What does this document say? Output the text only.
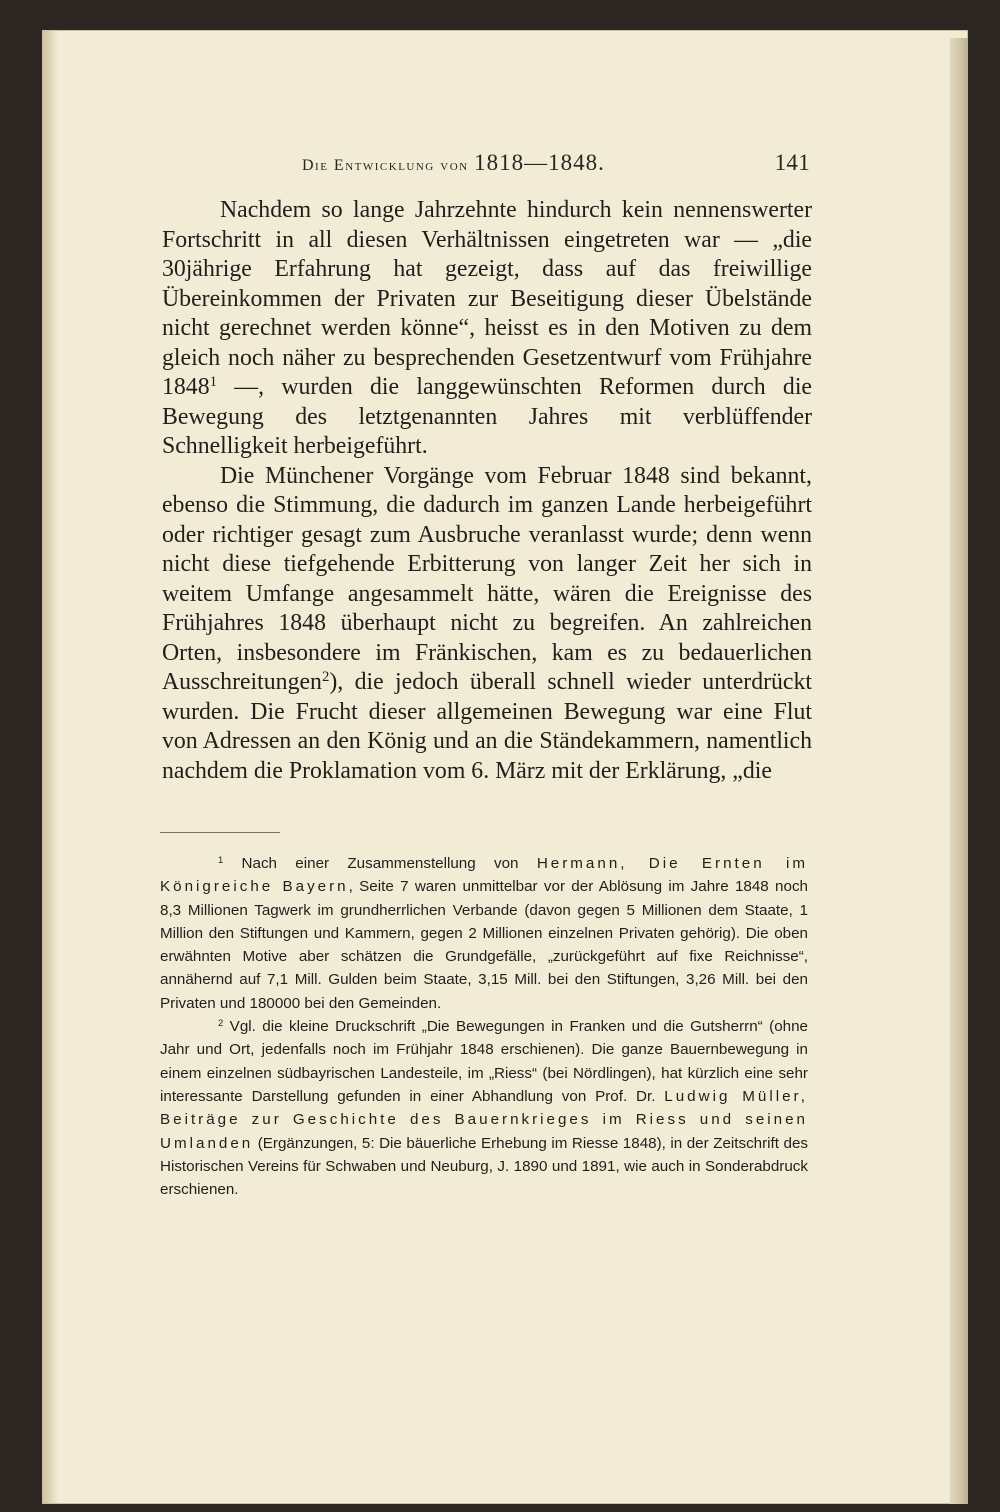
Die Entwicklung von 1818—1848.	141

Nachdem so lange Jahrzehnte hindurch kein nennenswerter Fortschritt in all diesen Verhältnissen eingetreten war — „die 30jährige Erfahrung hat gezeigt, dass auf das freiwillige Übereinkommen der Privaten zur Beseitigung dieser Übelstände nicht gerechnet werden könne“, heisst es in den Motiven zu dem gleich noch näher zu besprechenden Gesetzentwurf vom Frühjahre 1848$^1$ —, wurden die langgewünschten Reformen durch die Bewegung des letztgenannten Jahres mit verblüffender Schnelligkeit herbeigeführt.

Die Münchener Vorgänge vom Februar 1848 sind bekannt, ebenso die Stimmung, die dadurch im ganzen Lande herbeigeführt oder richtiger gesagt zum Ausbruche veranlasst wurde; denn wenn nicht diese tiefgehende Erbitterung von langer Zeit her sich in weitem Umfange angesammelt hätte, wären die Ereignisse des Frühjahres 1848 überhaupt nicht zu begreifen. An zahlreichen Orten, insbesondere im Fränkischen, kam es zu bedauerlichen Ausschreitungen$^2$), die jedoch überall schnell wieder unterdrückt wurden. Die Frucht dieser allgemeinen Bewegung war eine Flut von Adressen an den König und an die Ständekammern, namentlich nachdem die Proklamation vom 6. März mit der Erklärung, „die

$^1$ Nach einer Zusammenstellung von Hermann, Die Ernten im Königreiche Bayern, Seite 7 waren unmittelbar vor der Ablösung im Jahre 1848 noch 8,3 Millionen Tagwerk im grundherrlichen Verbande (davon gegen 5 Millionen dem Staate, 1 Million den Stiftungen und Kammern, gegen 2 Millionen einzelnen Privaten gehörig). Die oben erwähnten Motive aber schätzen die Grundgefälle, „zurückgeführt auf fixe Reichnisse“, annähernd auf 7,1 Mill. Gulden beim Staate, 3,15 Mill. bei den Stiftungen, 3,26 Mill. bei den Privaten und 180000 bei den Gemeinden.

$^2$ Vgl. die kleine Druckschrift „Die Bewegungen in Franken und die Gutsherrn“ (ohne Jahr und Ort, jedenfalls noch im Frühjahr 1848 erschienen). Die ganze Bauernbewegung in einem einzelnen südbayrischen Landesteile, im „Riess“ (bei Nördlingen), hat kürzlich eine sehr interessante Darstellung gefunden in einer Abhandlung von Prof. Dr. Ludwig Müller, Beiträge zur Geschichte des Bauernkrieges im Riess und seinen Umlanden (Ergänzungen, 5: Die bäuerliche Erhebung im Riesse 1848), in der Zeitschrift des Historischen Vereins für Schwaben und Neuburg, J. 1890 und 1891, wie auch in Sonderabdruck erschienen.
